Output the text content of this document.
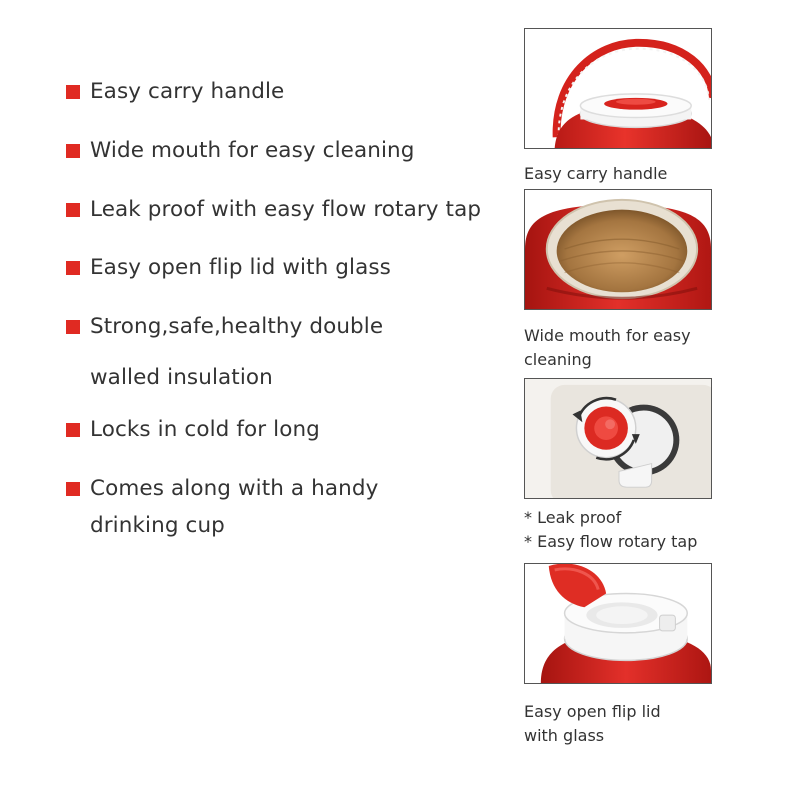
Easy carry handle
Wide mouth for easy cleaning
Leak proof with easy flow rotary tap
Easy open flip lid with glass
Strong,safe,healthy double
walled insulation
Locks in cold for long
Comes along with a handy
drinking cup
Easy carry handle
Wide mouth for easy
cleaning
* Leak proof
* Easy flow rotary tap
Easy open flip lid
with glass
